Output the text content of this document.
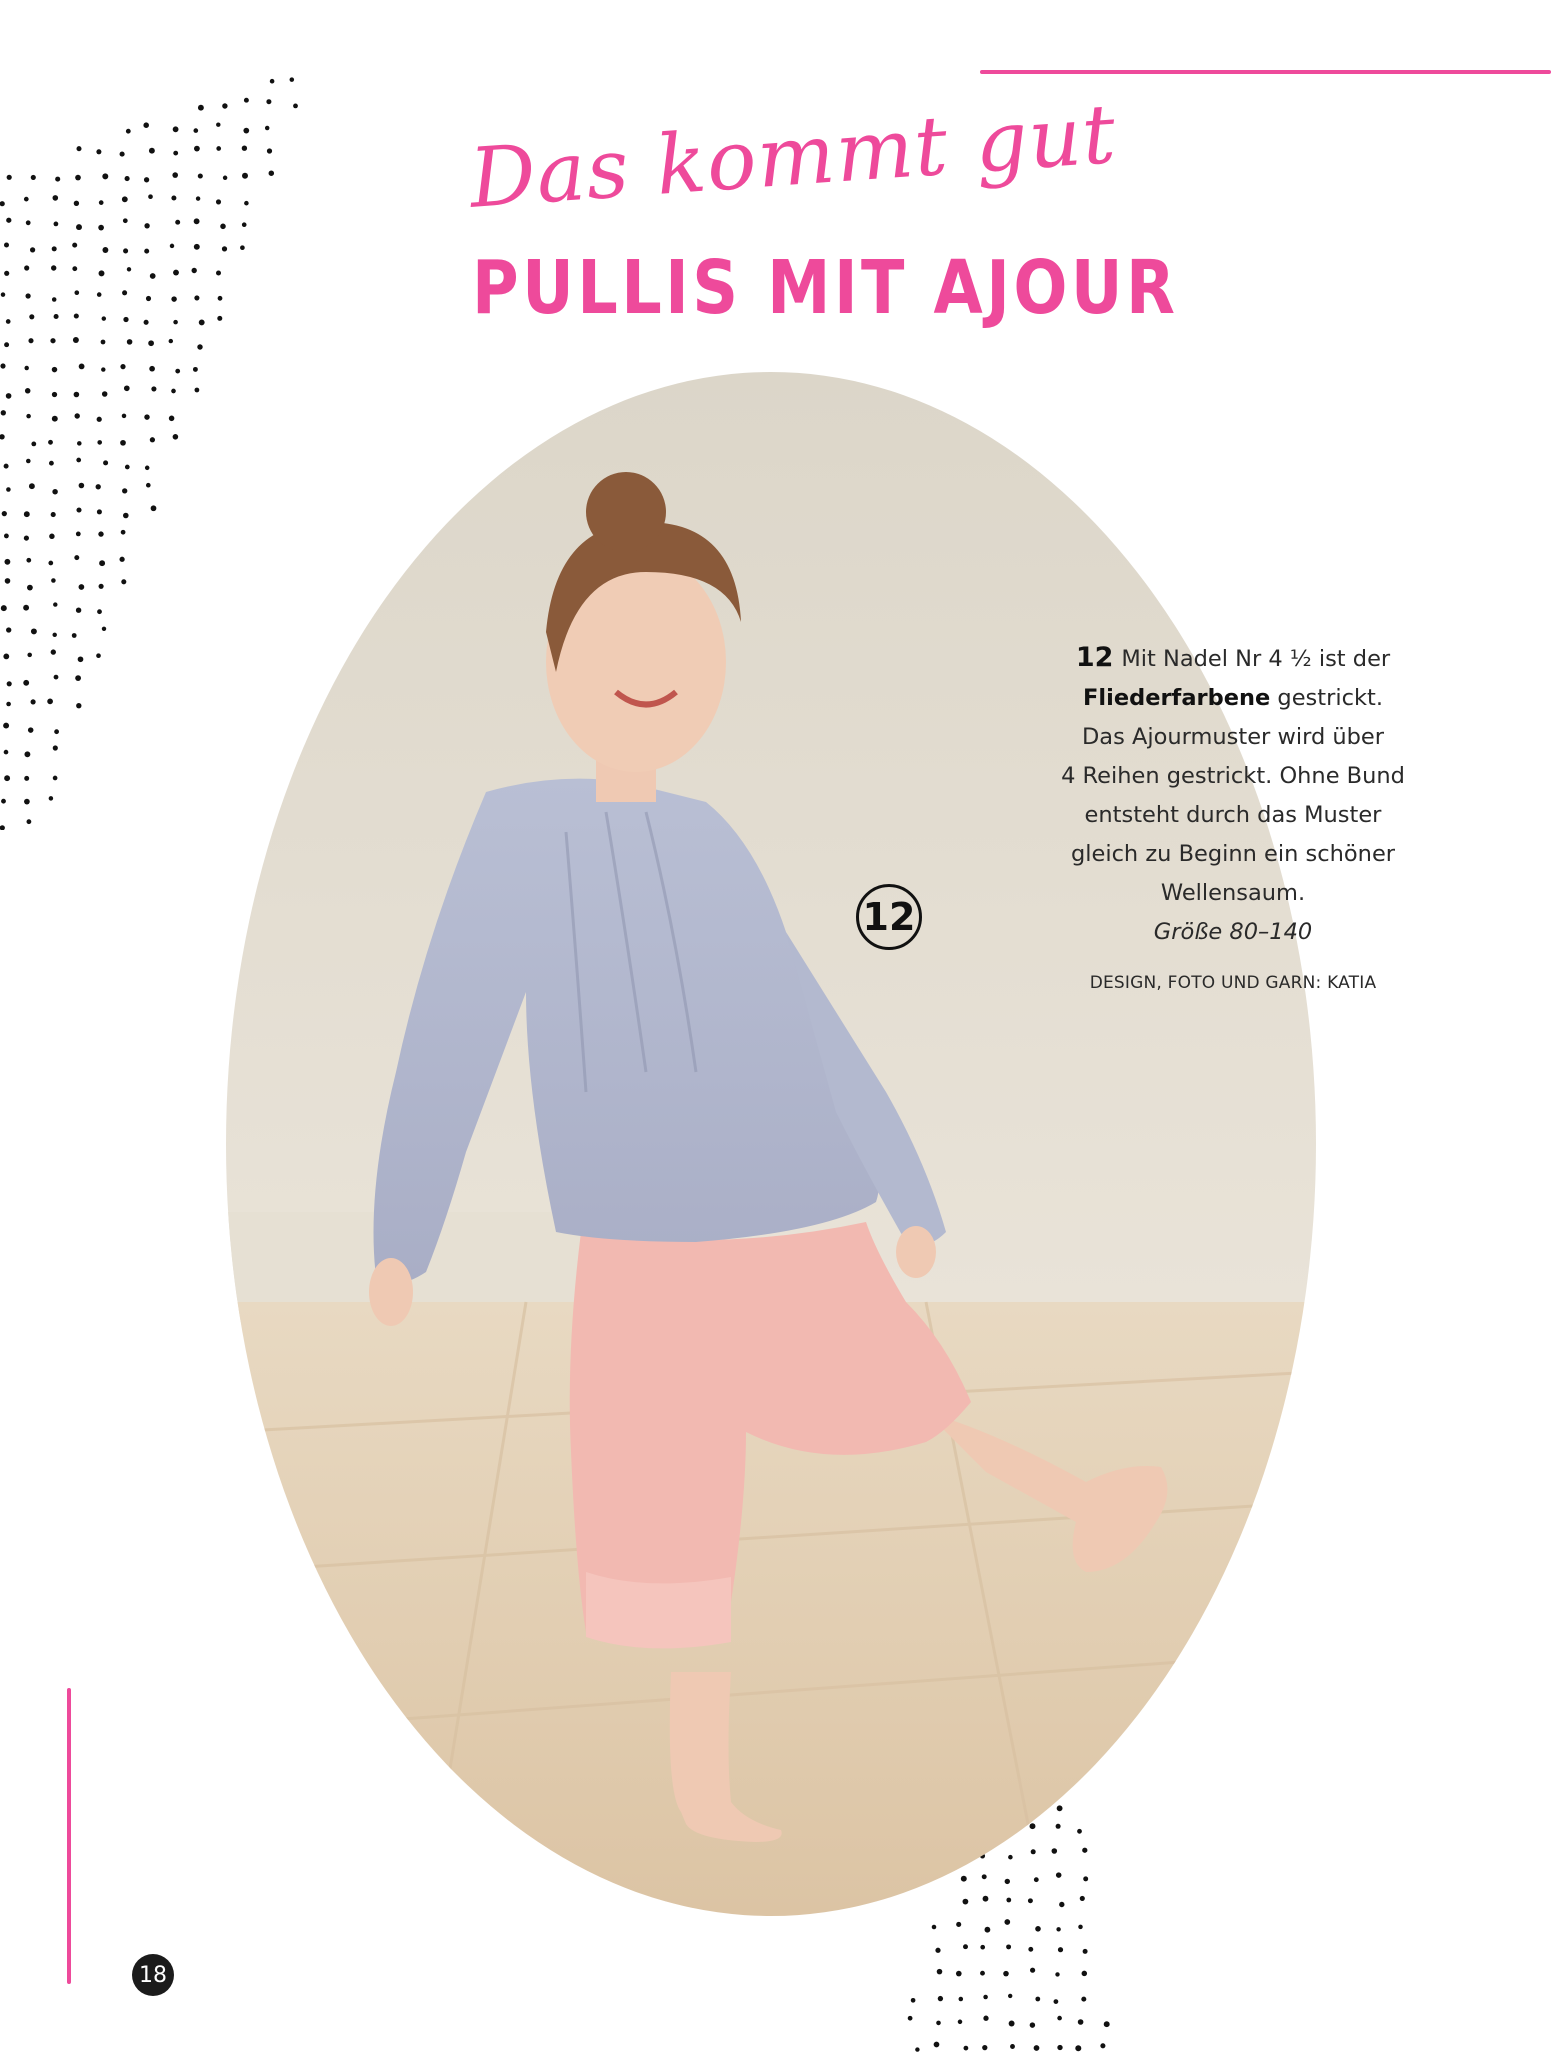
Das kommt gut
PULLIS MIT AJOUR
12
12 Mit Nadel Nr 4 ½ ist der
Fliederfarbene gestrickt.
Das Ajourmuster wird über
4 Reihen gestrickt. Ohne Bund
entsteht durch das Muster
gleich zu Beginn ein schöner
Wellensaum.
Größe 80–140
DESIGN, FOTO UND GARN: KATIA
18
